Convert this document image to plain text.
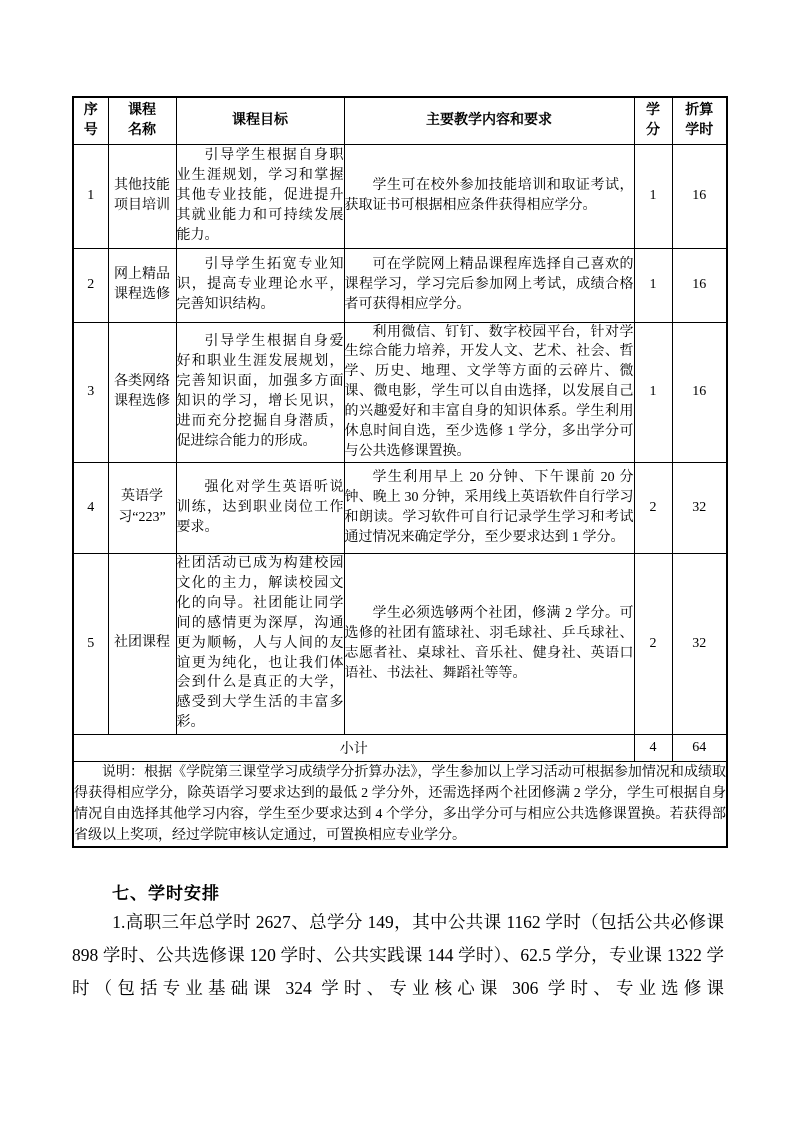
序号	课程名称	课程目标	主要教学内容和要求	学分	折算学时

1	其他技能项目培训	引导学生根据自身职业生涯规划，学习和掌握其他专业技能，促进提升其就业能力和可持续发展能力。	学生可在校外参加技能培训和取证考试，获取证书可根据相应条件获得相应学分。	1	16
2	网上精品课程选修	引导学生拓宽专业知识，提高专业理论水平，完善知识结构。	可在学院网上精品课程库选择自己喜欢的课程学习，学习完后参加网上考试，成绩合格者可获得相应学分。	1	16
3	各类网络课程选修	引导学生根据自身爱好和职业生涯发展规划，完善知识面，加强多方面知识的学习，增长见识，进而充分挖掘自身潜质，促进综合能力的形成。	利用微信、钉钉、数字校园平台，针对学生综合能力培养，开发人文、艺术、社会、哲学、历史、地理、文学等方面的云碎片、微课、微电影，学生可以自由选择，以发展自己的兴趣爱好和丰富自身的知识体系。学生利用休息时间自选，至少选修 1 学分，多出学分可与公共选修课置换。	1	16
4	英语学习“223”	强化对学生英语听说训练，达到职业岗位工作要求。	学生利用早上 20 分钟、下午课前 20 分钟、晚上 30 分钟，采用线上英语软件自行学习和朗读。学习软件可自行记录学生学习和考试通过情况来确定学分，至少要求达到 1 学分。	2	32
5	社团课程	社团活动已成为构建校园文化的主力，解读校园文化的向导。社团能让同学间的感情更为深厚，沟通更为顺畅，人与人间的友谊更为纯化，也让我们体会到什么是真正的大学，感受到大学生活的丰富多彩。	学生必须选够两个社团，修满 2 学分。可选修的社团有篮球社、羽毛球社、乒乓球社、志愿者社、桌球社、音乐社、健身社、英语口语社、书法社、舞蹈社等等。	2	32
小计				4	64

说明：根据《学院第三课堂学习成绩学分折算办法》，学生参加以上学习活动可根据参加情况和成绩取得获得相应学分，除英语学习要求达到的最低 2 学分外，还需选择两个社团修满 2 学分，学生可根据自身情况自由选择其他学习内容，学生至少要求达到 4 个学分，多出学分可与相应公共选修课置换。若获得部省级以上奖项，经过学院审核认定通过，可置换相应专业学分。					
七、学时安排
1.高职三年总学时 2627、总学分 149，其中公共课 1162 学时（包括公共必修课 898 学时、公共选修课 120 学时、公共实践课 144 学时）、62.5 学分，专业课 1322 学时（包括专业基础课 324 学时、专业核心课 306 学时、专业选修课
